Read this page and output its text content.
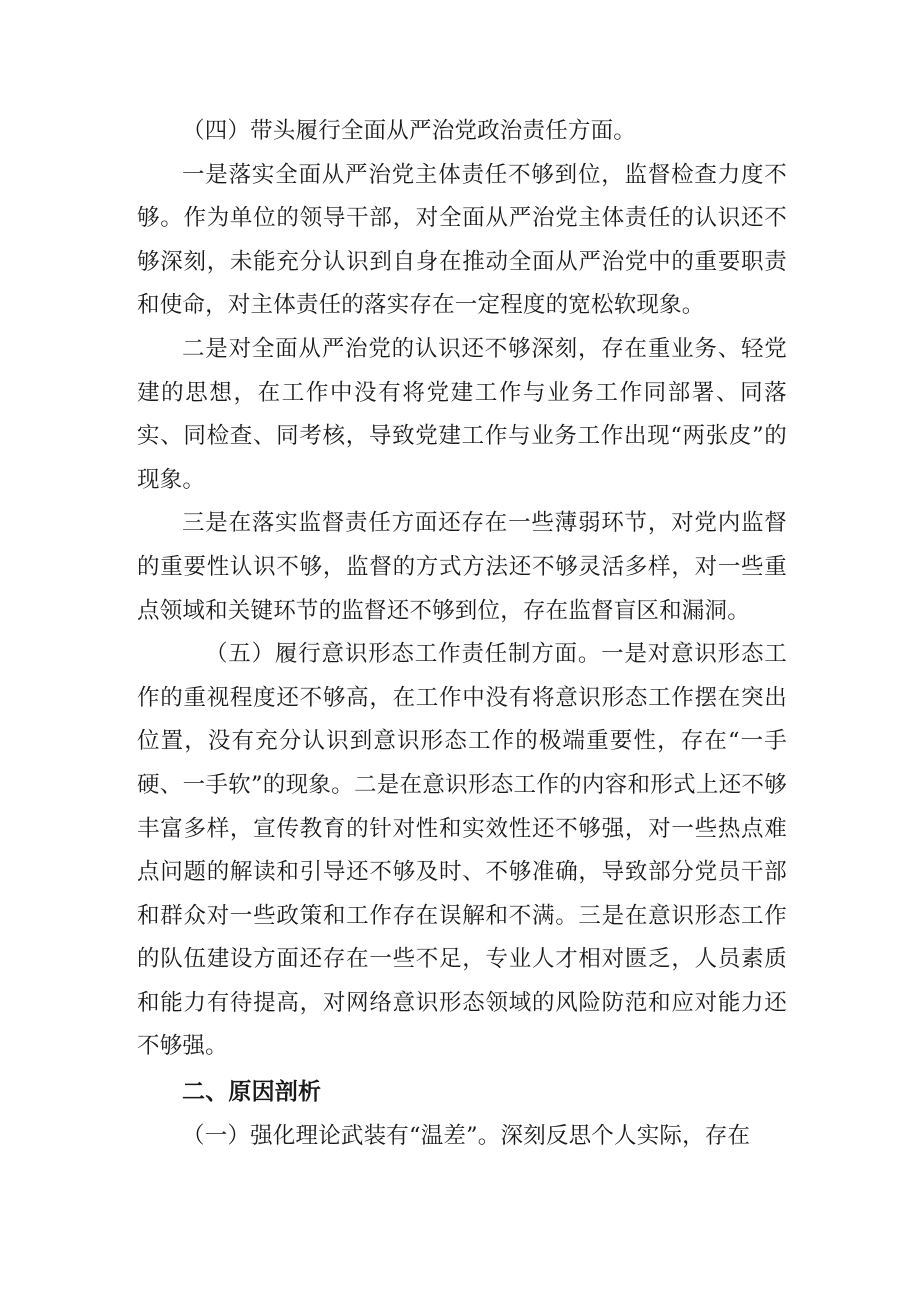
（四）带头履行全面从严治党政治责任方面。

一是落实全面从严治党主体责任不够到位，监督检查力度不够。作为单位的领导干部，对全面从严治党主体责任的认识还不够深刻，未能充分认识到自身在推动全面从严治党中的重要职责和使命，对主体责任的落实存在一定程度的宽松软现象。

二是对全面从严治党的认识还不够深刻，存在重业务、轻党建的思想，在工作中没有将党建工作与业务工作同部署、同落实、同检查、同考核，导致党建工作与业务工作出现“两张皮”的现象。

三是在落实监督责任方面还存在一些薄弱环节，对党内监督的重要性认识不够，监督的方式方法还不够灵活多样，对一些重点领域和关键环节的监督还不够到位，存在监督盲区和漏洞。

（五）履行意识形态工作责任制方面。一是对意识形态工作的重视程度还不够高，在工作中没有将意识形态工作摆在突出位置，没有充分认识到意识形态工作的极端重要性，存在“一手硬、一手软”的现象。二是在意识形态工作的内容和形式上还不够丰富多样，宣传教育的针对性和实效性还不够强，对一些热点难点问题的解读和引导还不够及时、不够准确，导致部分党员干部和群众对一些政策和工作存在误解和不满。三是在意识形态工作的队伍建设方面还存在一些不足，专业人才相对匮乏，人员素质和能力有待提高，对网络意识形态领域的风险防范和应对能力还不够强。

二、原因剖析

（一）强化理论武装有“温差”。深刻反思个人实际，存在
